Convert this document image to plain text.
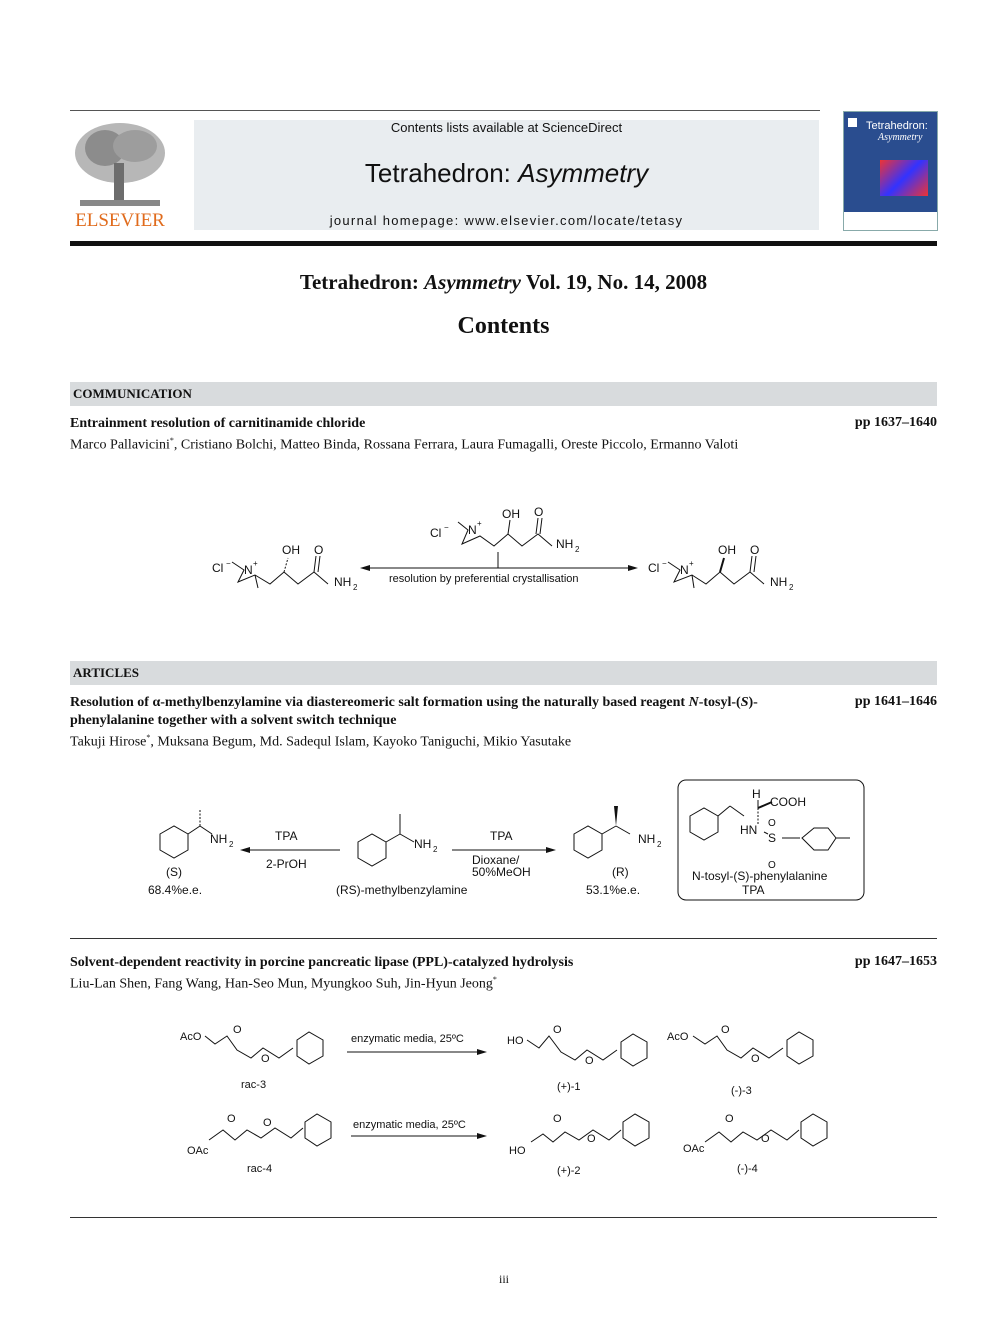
ELSEVIER
Contents lists available at ScienceDirect
Tetrahedron: Asymmetry
journal homepage: www.elsevier.com/locate/tetasy
Tetrahedron:
Asymmetry
Tetrahedron: Asymmetry Vol. 19, No. 14, 2008
Contents
COMMUNICATION
Entrainment resolution of carnitinamide chloride	pp 1637–1640
Marco Pallavicini*, Cristiano Bolchi, Matteo Binda, Rossana Ferrara, Laura Fumagalli, Oreste Piccolo, Ermanno Valoti
Cl − N +
OH O
NH 2
resolution by preferential crystallisation
Cl − N +
OH O
NH 2
Cl − N +
OH O
NH 2
ARTICLES
Resolution of α-methylbenzylamine via diastereomeric salt formation using the naturally based reagent N-tosyl-(S)-
phenylalanine together with a solvent switch technique
pp 1641–1646
Takuji Hirose*, Muksana Begum, Md. Sadequl Islam, Kayoko Taniguchi, Mikio Yasutake
NH 2
(S)
68.4%e.e.
TPA
2-PrOH
NH 2
(RS)-methylbenzylamine
TPA
Dioxane/
50%MeOH
NH 2
(R)
53.1%e.e.
H
COOH
HN
S
O
O
N-tosyl-(S)-phenylalanine
TPA
Solvent-dependent reactivity in porcine pancreatic lipase (PPL)-catalyzed hydrolysis	pp 1647–1653
Liu-Lan Shen, Fang Wang, Han-Seo Mun, Myungkoo Suh, Jin-Hyun Jeong*
AcO
O
O
rac-3
enzymatic media, 25ºC	HO
O
O
(+)-1
AcO
O
O
(-)-3
O O
OAc
rac-4
enzymatic media, 25ºC	O
O
HO
(+)-2
O
O
OAc
(-)-4
iii
